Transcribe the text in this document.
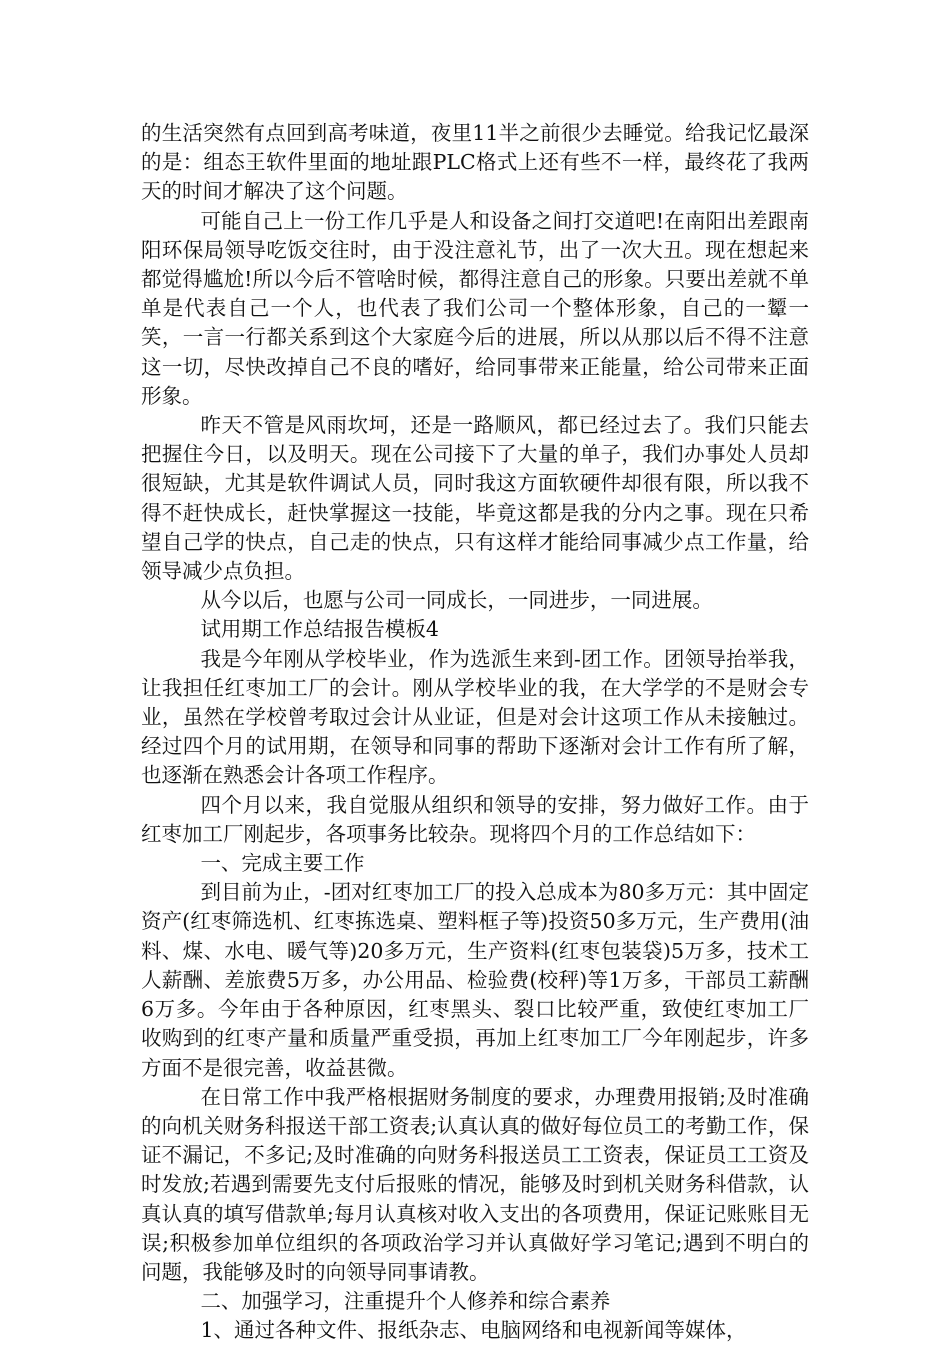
的生活突然有点回到高考味道，夜里11半之前很少去睡觉。给我记忆最深的是：组态王软件里面的地址跟PLC格式上还有些不一样，最终花了我两天的时间才解决了这个问题。

可能自己上一份工作几乎是人和设备之间打交道吧!在南阳出差跟南阳环保局领导吃饭交往时，由于没注意礼节，出了一次大丑。现在想起来都觉得尴尬!所以今后不管啥时候，都得注意自己的形象。只要出差就不单单是代表自己一个人，也代表了我们公司一个整体形象，自己的一颦一笑，一言一行都关系到这个大家庭今后的进展，所以从那以后不得不注意这一切，尽快改掉自己不良的嗜好，给同事带来正能量，给公司带来正面形象。

昨天不管是风雨坎坷，还是一路顺风，都已经过去了。我们只能去把握住今日，以及明天。现在公司接下了大量的单子，我们办事处人员却很短缺，尤其是软件调试人员，同时我这方面软硬件却很有限，所以我不得不赶快成长，赶快掌握这一技能，毕竟这都是我的分内之事。现在只希望自己学的快点，自己走的快点，只有这样才能给同事减少点工作量，给领导减少点负担。

从今以后，也愿与公司一同成长，一同进步，一同进展。

试用期工作总结报告模板4

我是今年刚从学校毕业，作为选派生来到-团工作。团领导抬举我，让我担任红枣加工厂的会计。刚从学校毕业的我，在大学学的不是财会专业，虽然在学校曾考取过会计从业证，但是对会计这项工作从未接触过。经过四个月的试用期，在领导和同事的帮助下逐渐对会计工作有所了解，也逐渐在熟悉会计各项工作程序。

四个月以来，我自觉服从组织和领导的安排，努力做好工作。由于红枣加工厂刚起步，各项事务比较杂。现将四个月的工作总结如下：

一、完成主要工作

到目前为止，-团对红枣加工厂的投入总成本为80多万元：其中固定资产(红枣筛选机、红枣拣选桌、塑料框子等)投资50多万元，生产费用(油料、煤、水电、暖气等)20多万元，生产资料(红枣包装袋)5万多，技术工人薪酬、差旅费5万多，办公用品、检验费(校秤)等1万多，干部员工薪酬6万多。今年由于各种原因，红枣黑头、裂口比较严重，致使红枣加工厂收购到的红枣产量和质量严重受损，再加上红枣加工厂今年刚起步，许多方面不是很完善，收益甚微。

在日常工作中我严格根据财务制度的要求，办理费用报销;及时准确的向机关财务科报送干部工资表;认真认真的做好每位员工的考勤工作，保证不漏记，不多记;及时准确的向财务科报送员工工资表，保证员工工资及时发放;若遇到需要先支付后报账的情况，能够及时到机关财务科借款，认真认真的填写借款单;每月认真核对收入支出的各项费用，保证记账账目无误;积极参加单位组织的各项政治学习并认真做好学习笔记;遇到不明白的问题，我能够及时的向领导同事请教。

二、加强学习，注重提升个人修养和综合素养

1、通过各种文件、报纸杂志、电脑网络和电视新闻等媒体，
